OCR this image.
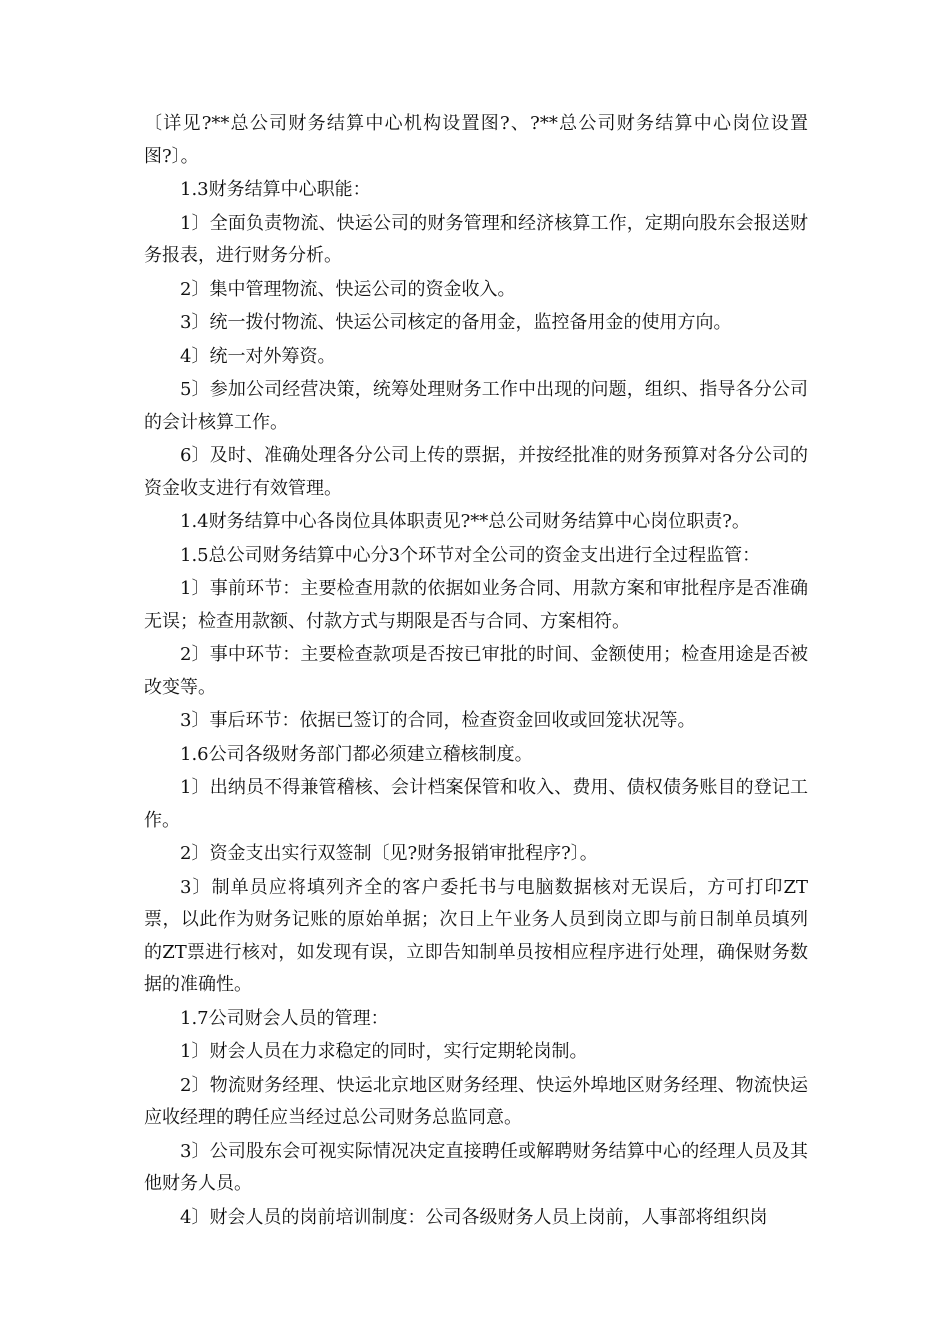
〔详见?**总公司财务结算中心机构设置图?、?**总公司财务结算中心岗位设置图?〕。

1.3财务结算中心职能：

1〕全面负责物流、快运公司的财务管理和经济核算工作，定期向股东会报送财务报表，进行财务分析。

2〕集中管理物流、快运公司的资金收入。

3〕统一拨付物流、快运公司核定的备用金，监控备用金的使用方向。

4〕统一对外筹资。

5〕参加公司经营决策，统筹处理财务工作中出现的问题，组织、指导各分公司的会计核算工作。

6〕及时、准确处理各分公司上传的票据，并按经批准的财务预算对各分公司的资金收支进行有效管理。

1.4财务结算中心各岗位具体职责见?**总公司财务结算中心岗位职责?。

1.5总公司财务结算中心分3个环节对全公司的资金支出进行全过程监管：

1〕事前环节：主要检查用款的依据如业务合同、用款方案和审批程序是否准确无误；检查用款额、付款方式与期限是否与合同、方案相符。

2〕事中环节：主要检查款项是否按已审批的时间、金额使用；检查用途是否被改变等。

3〕事后环节：依据已签订的合同，检查资金回收或回笼状况等。

1.6公司各级财务部门都必须建立稽核制度。

1〕出纳员不得兼管稽核、会计档案保管和收入、费用、债权债务账目的登记工作。

2〕资金支出实行双签制〔见?财务报销审批程序?〕。

3〕制单员应将填列齐全的客户委托书与电脑数据核对无误后，方可打印ZT票，以此作为财务记账的原始单据；次日上午业务人员到岗立即与前日制单员填列的ZT票进行核对，如发现有误，立即告知制单员按相应程序进行处理，确保财务数据的准确性。

1.7公司财会人员的管理：

1〕财会人员在力求稳定的同时，实行定期轮岗制。

2〕物流财务经理、快运北京地区财务经理、快运外埠地区财务经理、物流快运应收经理的聘任应当经过总公司财务总监同意。

3〕公司股东会可视实际情况决定直接聘任或解聘财务结算中心的经理人员及其他财务人员。

4〕财会人员的岗前培训制度：公司各级财务人员上岗前，人事部将组织岗
